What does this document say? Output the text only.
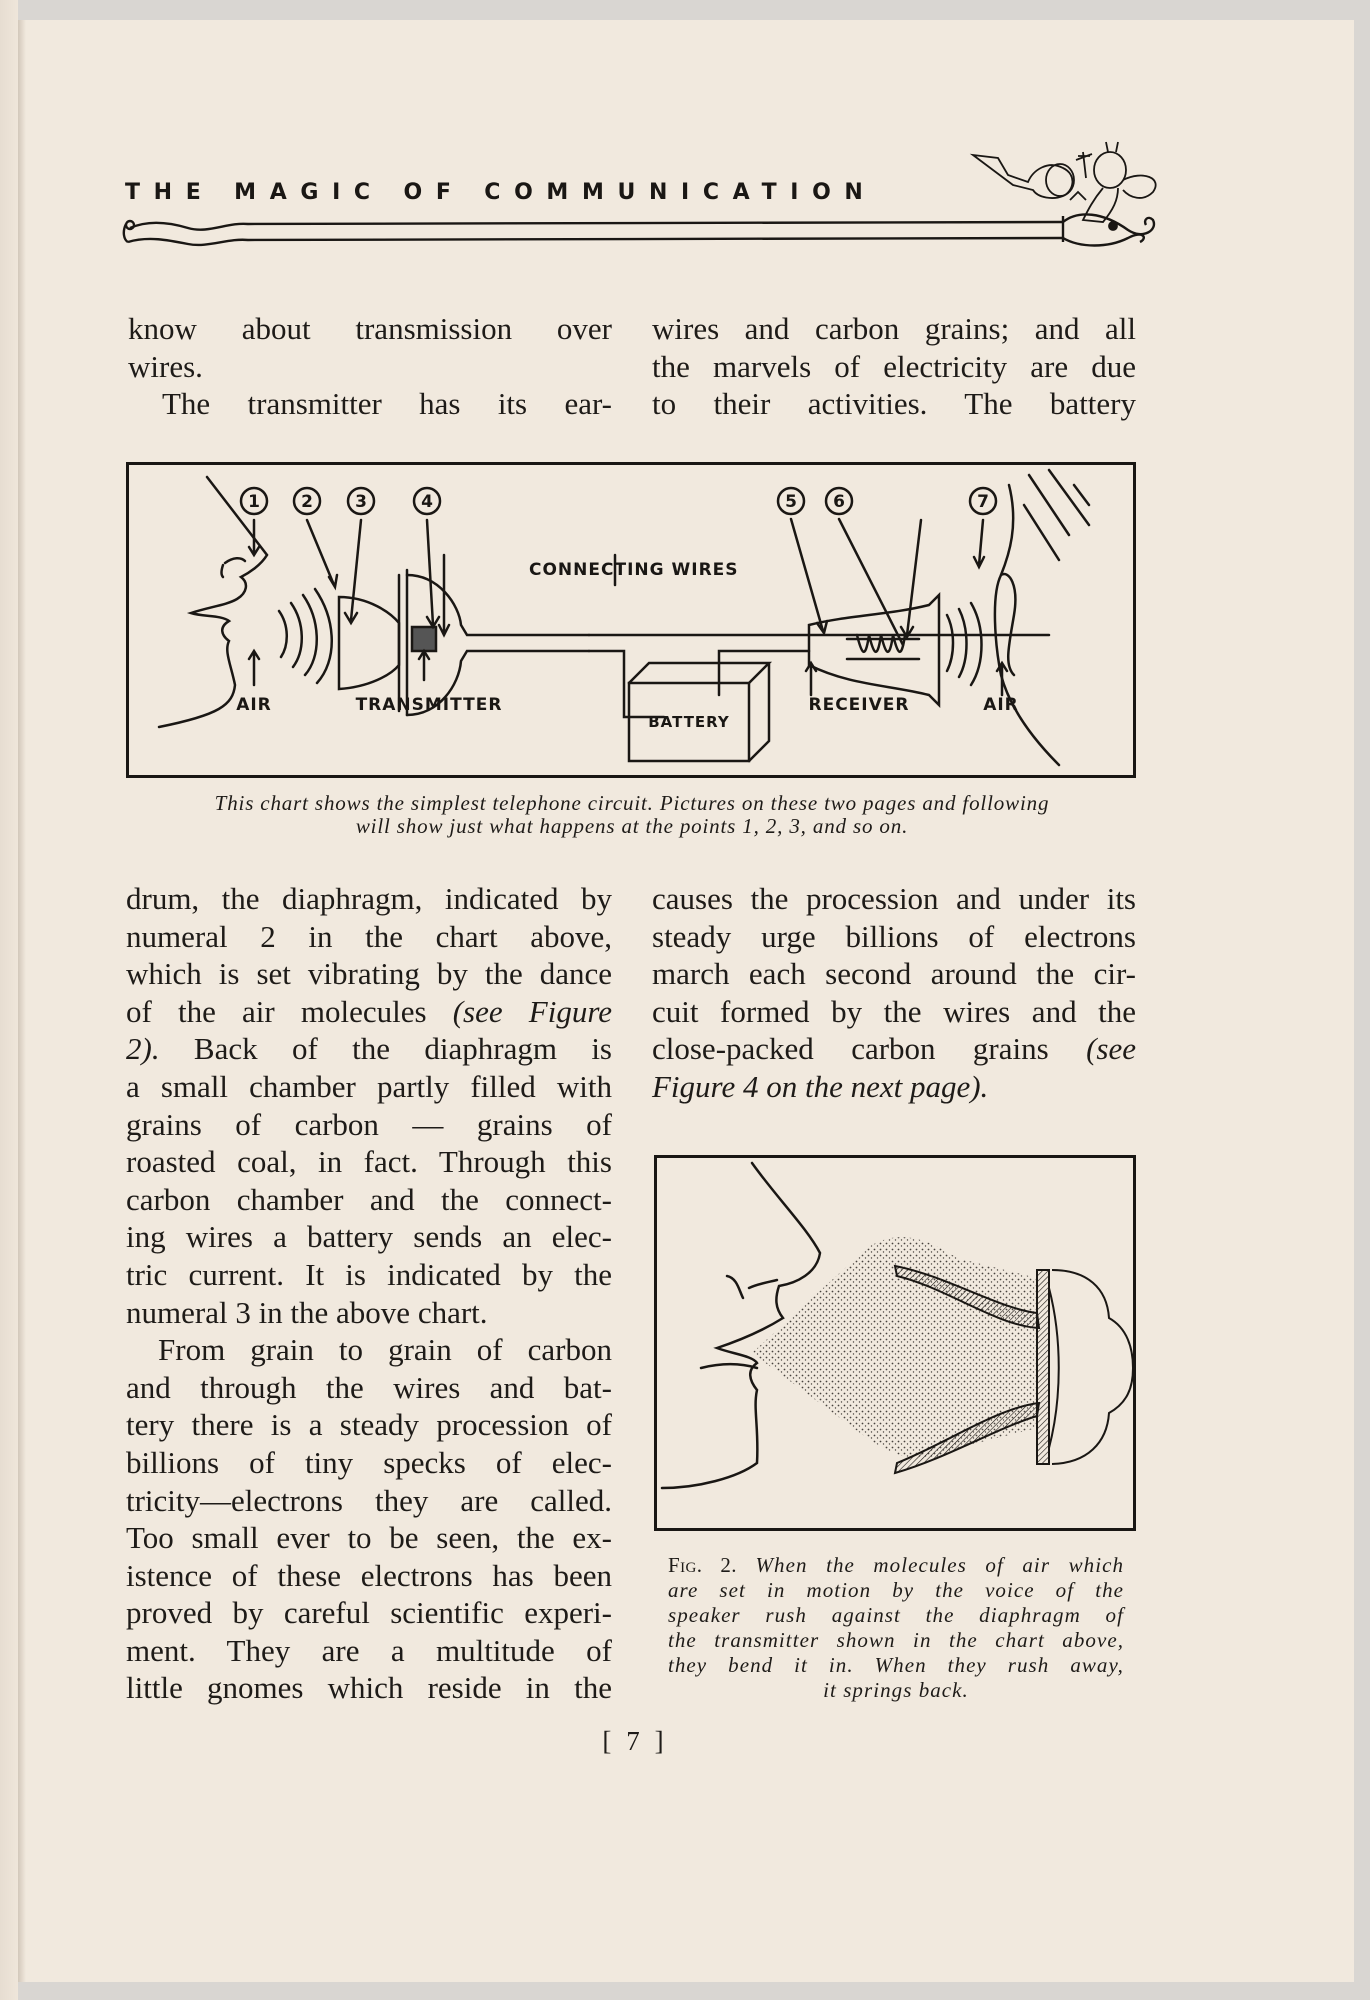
THE MAGIC OF COMMUNICATION
know about transmission over
wires.
The transmitter has its ear-
wires and carbon grains; and all
the marvels of electricity are due
to their activities. The battery
1 2 3	4	5 6	7
AIR	TRANSMITTER
CONNECTING WIRES
BATTERY
RECEIVER	AIR
This chart shows the simplest telephone circuit. Pictures on these two pages and following
will show just what happens at the points 1, 2, 3, and so on.
drum, the diaphragm, indicated by
numeral 2 in the chart above,
which is set vibrating by the dance
of the air molecules (see Figure
2). Back of the diaphragm is
a small chamber partly filled with
grains of carbon — grains of
roasted coal, in fact. Through this
carbon chamber and the connect-
ing wires a battery sends an elec-
tric current. It is indicated by the
numeral 3 in the above chart.
From grain to grain of carbon
and through the wires and bat-
tery there is a steady procession of
billions of tiny specks of elec-
tricity—electrons they are called.
Too small ever to be seen, the ex-
istence of these electrons has been
proved by careful scientific experi-
ment. They are a multitude of
little gnomes which reside in the
causes the procession and under its
steady urge billions of electrons
march each second around the cir-
cuit formed by the wires and the
close-packed carbon grains (see
Figure 4 on the next page).
Fig. 2. When the molecules of air which
are set in motion by the voice of the
speaker rush against the diaphragm of
the transmitter shown in the chart above,
they bend it in. When they rush away,
it springs back.
[ 7 ]
